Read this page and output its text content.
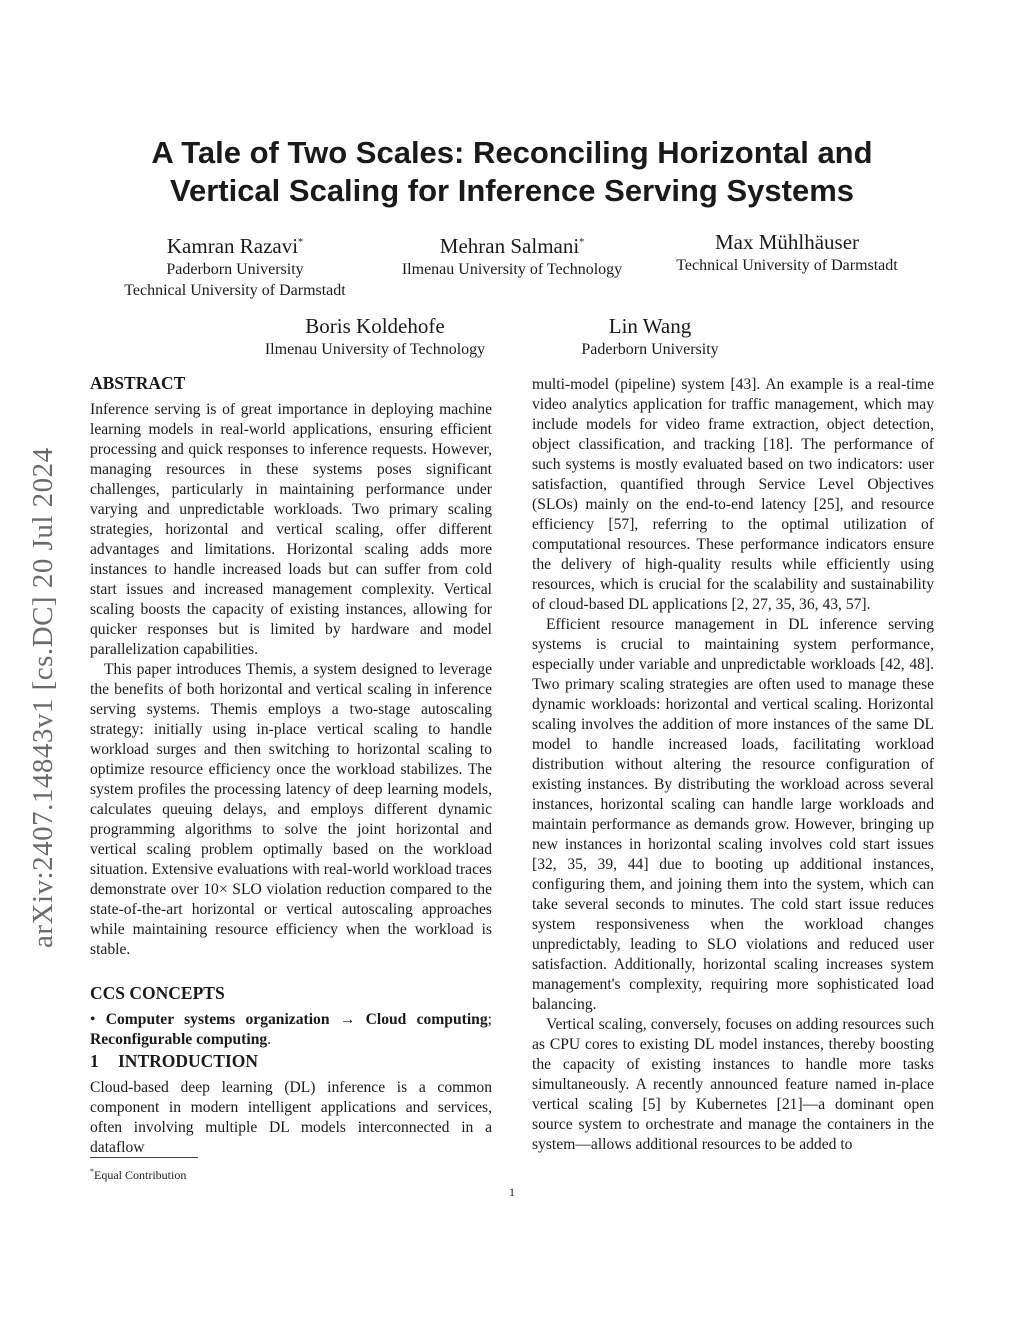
A Tale of Two Scales: Reconciling Horizontal and
Vertical Scaling for Inference Serving Systems
Kamran Razavi*
Paderborn University
Technical University of Darmstadt
Mehran Salmani*
Ilmenau University of Technology
Max Mühlhäuser
Technical University of Darmstadt
Boris Koldehofe
Ilmenau University of Technology
Lin Wang
Paderborn University
arXiv:2407.14843v1 [cs.DC] 20 Jul 2024
ABSTRACT

Inference serving is of great importance in deploying machine learning models in real-world applications, ensuring efficient processing and quick responses to inference requests. However, managing resources in these systems poses significant challenges, particularly in maintaining performance under varying and unpredictable workloads. Two primary scaling strategies, horizontal and vertical scaling, offer different advantages and limitations. Horizontal scaling adds more instances to handle increased loads but can suffer from cold start issues and increased management complexity. Vertical scaling boosts the capacity of existing instances, allowing for quicker responses but is limited by hardware and model parallelization capabilities.

This paper introduces Themis, a system designed to leverage the benefits of both horizontal and vertical scaling in inference serving systems. Themis employs a two-stage autoscaling strategy: initially using in-place vertical scaling to handle workload surges and then switching to horizontal scaling to optimize resource efficiency once the workload stabilizes. The system profiles the processing latency of deep learning models, calculates queuing delays, and employs different dynamic programming algorithms to solve the joint horizontal and vertical scaling problem optimally based on the workload situation. Extensive evaluations with real-world workload traces demonstrate over 10× SLO violation reduction compared to the state-of-the-art horizontal or vertical autoscaling approaches while maintaining resource efficiency when the workload is stable.

CCS CONCEPTS

• Computer systems organization → Cloud computing; Reconfigurable computing.

1 INTRODUCTION

Cloud-based deep learning (DL) inference is a common component in modern intelligent applications and services, often involving multiple DL models interconnected in a dataflow

*Equal Contribution

multi-model (pipeline) system [43]. An example is a real-time video analytics application for traffic management, which may include models for video frame extraction, object detection, object classification, and tracking [18]. The performance of such systems is mostly evaluated based on two indicators: user satisfaction, quantified through Service Level Objectives (SLOs) mainly on the end-to-end latency [25], and resource efficiency [57], referring to the optimal utilization of computational resources. These performance indicators ensure the delivery of high-quality results while efficiently using resources, which is crucial for the scalability and sustainability of cloud-based DL applications [2, 27, 35, 36, 43, 57].

Efficient resource management in DL inference serving systems is crucial to maintaining system performance, especially under variable and unpredictable workloads [42, 48]. Two primary scaling strategies are often used to manage these dynamic workloads: horizontal and vertical scaling. Horizontal scaling involves the addition of more instances of the same DL model to handle increased loads, facilitating workload distribution without altering the resource configuration of existing instances. By distributing the workload across several instances, horizontal scaling can handle large workloads and maintain performance as demands grow. However, bringing up new instances in horizontal scaling involves cold start issues [32, 35, 39, 44] due to booting up additional instances, configuring them, and joining them into the system, which can take several seconds to minutes. The cold start issue reduces system responsiveness when the workload changes unpredictably, leading to SLO violations and reduced user satisfaction. Additionally, horizontal scaling increases system management's complexity, requiring more sophisticated load balancing.

Vertical scaling, conversely, focuses on adding resources such as CPU cores to existing DL model instances, thereby boosting the capacity of existing instances to handle more tasks simultaneously. A recently announced feature named in-place vertical scaling [5] by Kubernetes [21]—a dominant open source system to orchestrate and manage the containers in the system—allows additional resources to be added to

1
